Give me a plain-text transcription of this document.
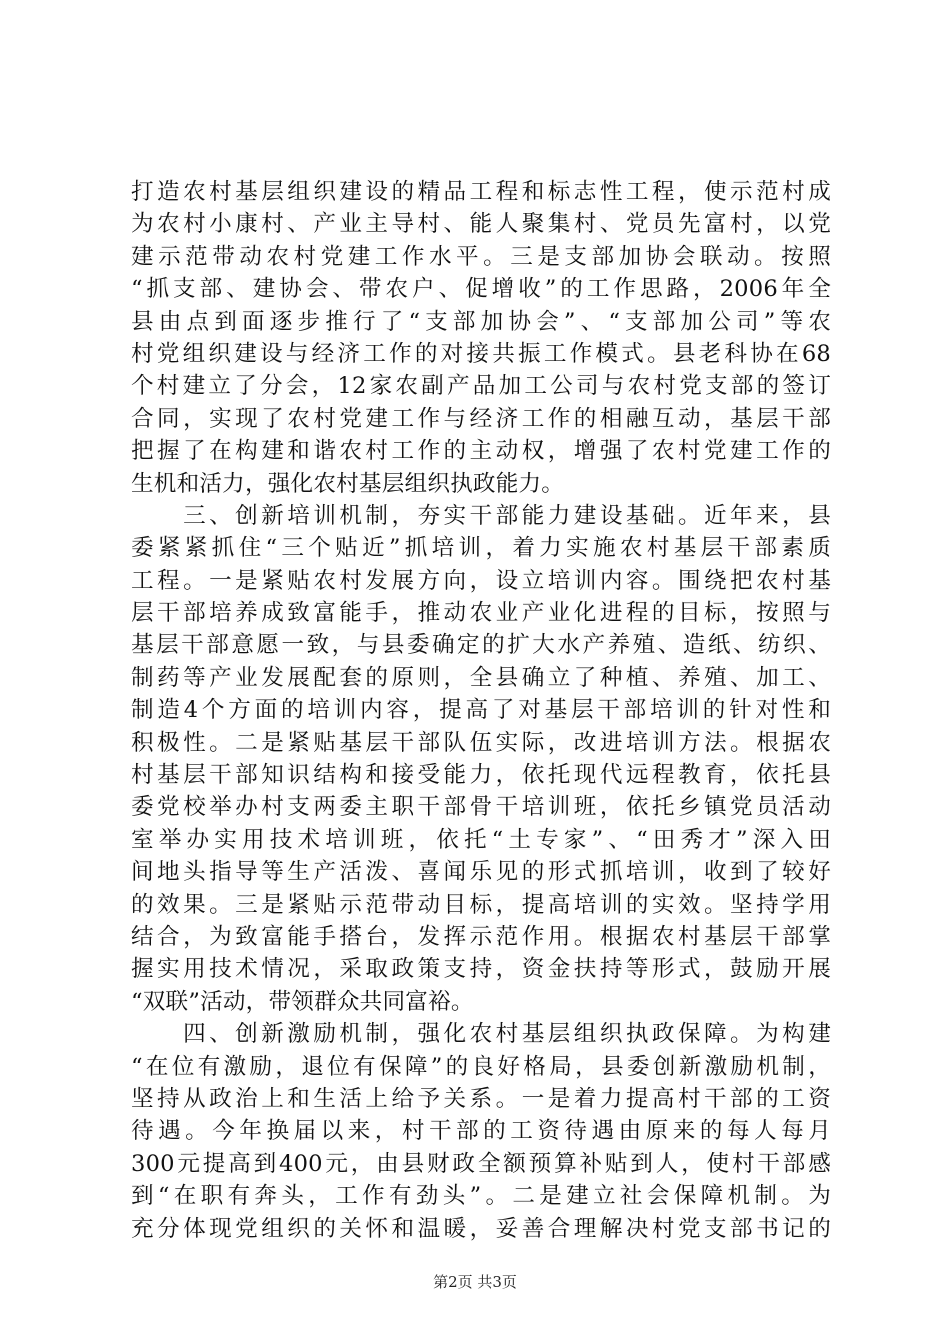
打造农村基层组织建设的精品工程和标志性工程，使示范村成
为农村小康村、产业主导村、能人聚集村、党员先富村，以党
建示范带动农村党建工作水平。三是支部加协会联动。按照
“抓支部、建协会、带农户、促增收”的工作思路，2006年全
县由点到面逐步推行了“支部加协会”、“支部加公司”等农
村党组织建设与经济工作的对接共振工作模式。县老科协在68
个村建立了分会，12家农副产品加工公司与农村党支部的签订
合同，实现了农村党建工作与经济工作的相融互动，基层干部
把握了在构建和谐农村工作的主动权，增强了农村党建工作的
生机和活力，强化农村基层组织执政能力。
　　三、创新培训机制，夯实干部能力建设基础。近年来，县
委紧紧抓住“三个贴近”抓培训，着力实施农村基层干部素质
工程。一是紧贴农村发展方向，设立培训内容。围绕把农村基
层干部培养成致富能手，推动农业产业化进程的目标，按照与
基层干部意愿一致，与县委确定的扩大水产养殖、造纸、纺织、
制药等产业发展配套的原则，全县确立了种植、养殖、加工、
制造4个方面的培训内容，提高了对基层干部培训的针对性和
积极性。二是紧贴基层干部队伍实际，改进培训方法。根据农
村基层干部知识结构和接受能力，依托现代远程教育，依托县
委党校举办村支两委主职干部骨干培训班，依托乡镇党员活动
室举办实用技术培训班，依托“土专家”、“田秀才”深入田
间地头指导等生产活泼、喜闻乐见的形式抓培训，收到了较好
的效果。三是紧贴示范带动目标，提高培训的实效。坚持学用
结合，为致富能手搭台，发挥示范作用。根据农村基层干部掌
握实用技术情况，采取政策支持，资金扶持等形式，鼓励开展
“双联”活动，带领群众共同富裕。
　　四、创新激励机制，强化农村基层组织执政保障。为构建
“在位有激励，退位有保障”的良好格局，县委创新激励机制，
坚持从政治上和生活上给予关系。一是着力提高村干部的工资
待遇。今年换届以来，村干部的工资待遇由原来的每人每月
300元提高到400元，由县财政全额预算补贴到人，使村干部感
到“在职有奔头，工作有劲头”。二是建立社会保障机制。为
充分体现党组织的关怀和温暖，妥善合理解决村党支部书记的
第2页 共3页
